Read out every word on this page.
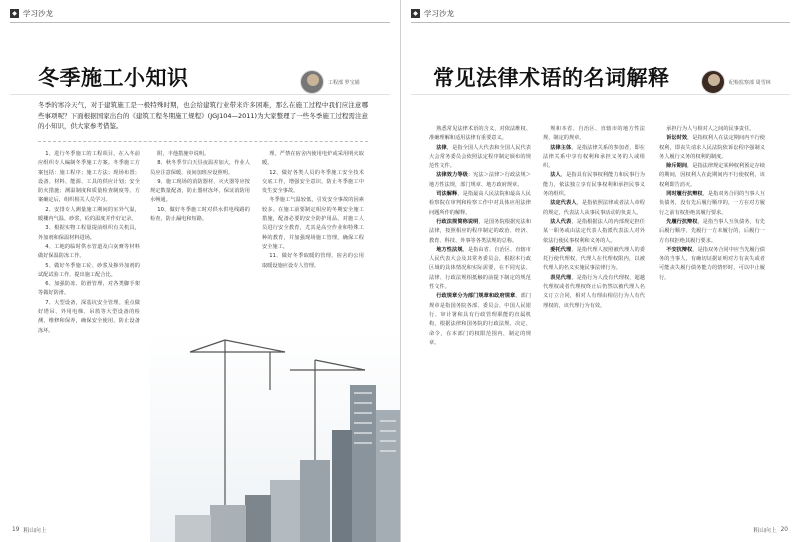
◆ 学习沙龙
冬季施工小知识	工程部 罗宝娟
冬季的寒冷天气，对于建筑施工是一极特殊时期，也会给建筑行业带来许多困难，那么在施工过程中我们应注意哪些事项呢？下面根据国家出台的《建筑工程冬期施工规程》(JGJ104—2011)为大家整理了一些冬季施工过程需注意的小知识，供大家参考借鉴。

1、进行冬季施工的工程项目，在入冬前应组织专人编制冬季施工方案。冬季施工方案包括：施工程序；施工方法；现场布置；设备、材料、能源、工具的供应计划；安全防火措施；测温制度和质量检查制度等。方案确定后，组织相关人员学习。

2、安排专人测量施工期间的室外气温，暖棚内气温，砂浆，砼的温度并作好记录。

3、根据实物工程量提前组织有关机具，外加剂和保温材料进场。

4、工地的临时供水管道及白灰膏等材料做好保温防冻工作。

5、做好冬季施工砼、砂浆及掺外加剂的试配试验工作，提出施工配合比。

6、加强防冻、防滑管理，对各类脚手架等做好防滑。

7、大型设备，深基坑安全管理。重点做好塔吊、外用电梯、吊篮等大型设备的检测，维修和保养，确保安全使用，防止设备冻坏。

附，丰他措施中说明。

8、秋冬季节白天昼夜温差加大，作业人员应注意保暖，夜间加班应设照明。

9、施工现场的消防器材、灭火器等应按规定数量配备，防止器材冻坏，保证消防用水畅通。

10、做好冬季施工时对供水供电线路的检查，防止漏电和短路。

理。严禁在宿舍内使用电炉或采用明火取暖。

12、做好各类人员的冬季施工安全技术交底工作，增强安全意识，防止冬季施工中发生安全事故。

冬季施工气温较低，引发安全事故的因素较多。在施工前要制定相应的冬期安全施工措施，配备必要的安全防护用品，对施工人员进行安全教育，尤其是高空作业和特殊工种的教育，并加强现场施工管理，确保工程安全施工。

11、做好冬季取暖的管理，宿舍的公用取暖设施应设专人管理。

19 粗山向上
◆ 学习沙龙
常见法律术语的名词解释	纪检监察部 周雪林

熟悉常见法律术语的含义，对依法维权、准确理解和适用法律有重要意义。

法律，是指全国人大代表和全国人民代表大会常务委员会依照法定程序制定颁布的规范性文件。

法律效力等级：宪法＞法律＞行政法规＞地方性法规，部门规章、地方政府规章。

司法解释，是指最高人民法院和最高人民检察院在审判和检察工作中对具体应用法律问题所作的解释。

行政法规简称说明，是国务院根据宪法和法律，按照相应的程序制定的政治、经济、教育、科技、外事等各类法规的总称。

地方性法规，是指由省、自治区、直辖市人民代表大会及其常务委员会，根据本行政区域的具体情况和实际需要，在不同宪法、法律、行政法规相抵触的前提下制定的规范性文件。

行政规章分为部门规章和政府规章。部门规章是指国务院各部、委员会、中国人民银行、审计署和具有行政管理职能的直属机构，根据法律和国务院的行政法规、决定、命令，在本部门的权限范围内，制定的规章。

规和本省、自治区、直辖市的地方性法规，制定的规章。

法律主体，是指法律关系的参加者，即在法律关系中享有权利和承担义务的人或组织。

法人，是指具有民事权利能力和民事行为能力，依法独立享有民事权利和承担民事义务的组织。

法定代表人，是指依照法律或者法人章程的规定，代表法人从事民事活动的负责人。

法人代表，是指根据法人的内部规定担任某一职务或由法定代表人指派代表法人对外依法行使民事权利和义务的人。

委托代理，是指代理人按照被代理人的委托行使代理权，代理人在代理权限内，以被代理人的名义实施民事法律行为。

表见代理，是指行为人没有代理权，超越代理权或者代理权终止后仍然以被代理人名义订立合同，相对人有理由相信行为人有代理权的，该代理行为有效。

承担行为人与相对人之间的民事责任。

诉讼时效，是指权利人在法定期间内不行使权利，即丧失请求人民法院依诉讼程序强制义务人履行义务的权利的制度。

除斥期间，是指法律规定某种权利预定存续的期间，因权利人在此期间内不行使权利，该权利即告消灭。

同时履行抗辩权，是指双务合同的当事人互负债务，没有先后履行顺序的，一方在对方履行之前有权拒绝其履行要求。

先履行抗辩权，是指当事人互负债务，有先后履行顺序，先履行一方未履行的，后履行一方有权拒绝其履行要求。

不安抗辩权，是指双务合同中应当先履行债务的当事人，有确切证据证明对方有丧失或者可能丧失履行债务能力的情形时，可以中止履行。

粗山向上 20
